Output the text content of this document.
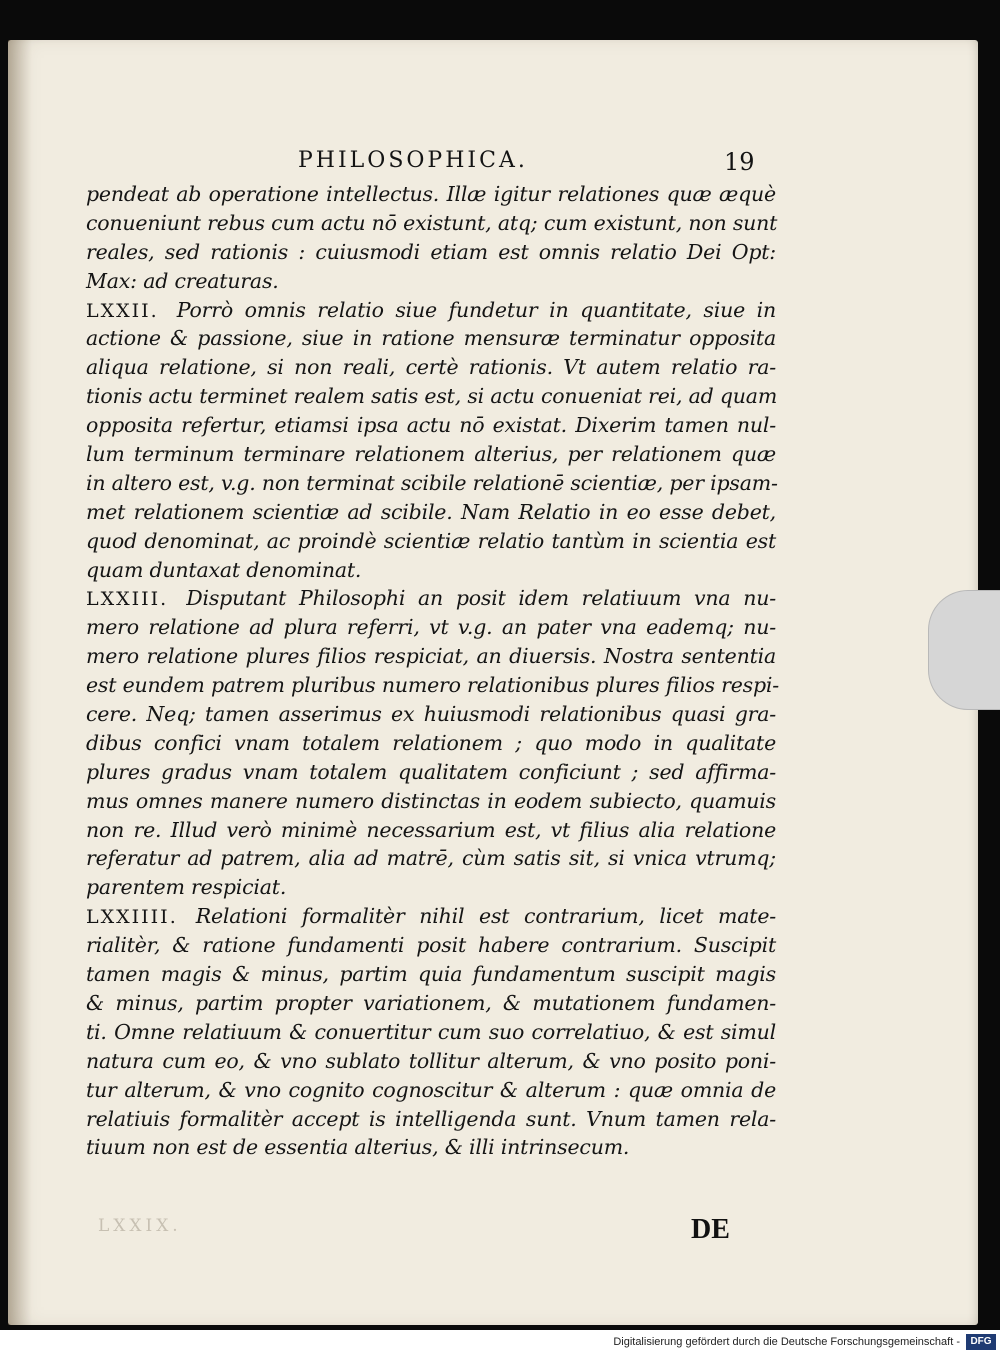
PHILOSOPHICA.	19
pendeat ab operatione intellectus. Illæ igitur relationes quæ æquè
conueniunt rebus cum actu nō existunt, atq; cum existunt, non sunt
reales, sed rationis : cuiusmodi etiam est omnis relatio Dei Opt:
Max: ad creaturas.
LXXII. Porrò omnis relatio siue fundetur in quantitate, siue in
actione & passione, siue in ratione mensuræ terminatur opposita
aliqua relatione, si non reali, certè rationis. Vt autem relatio ra-
tionis actu terminet realem satis est, si actu conueniat rei, ad quam
opposita refertur, etiamsi ipsa actu nō existat. Dixerim tamen nul-
lum terminum terminare relationem alterius, per relationem quæ
in altero est, v.g. non terminat scibile relationē scientiæ, per ipsam-
met relationem scientiæ ad scibile. Nam Relatio in eo esse debet,
quod denominat, ac proindè scientiæ relatio tantùm in scientia est
quam duntaxat denominat.
LXXIII. Disputant Philosophi an posit idem relatiuum vna nu-
mero relatione ad plura referri, vt v.g. an pater vna eademq; nu-
mero relatione plures filios respiciat, an diuersis. Nostra sententia
est eundem patrem pluribus numero relationibus plures filios respi-
cere. Neq; tamen asserimus ex huiusmodi relationibus quasi gra-
dibus confici vnam totalem relationem ; quo modo in qualitate
plures gradus vnam totalem qualitatem conficiunt ; sed affirma-
mus omnes manere numero distinctas in eodem subiecto, quamuis
non re. Illud verò minimè necessarium est, vt filius alia relatione
referatur ad patrem, alia ad matrē, cùm satis sit, si vnica vtrumq;
parentem respiciat.
LXXIIII. Relationi formalitèr nihil est contrarium, licet mate-
rialitèr, & ratione fundamenti posit habere contrarium. Suscipit
tamen magis & minus, partim quia fundamentum suscipit magis
& minus, partim propter variationem, & mutationem fundamen-
ti. Omne relatiuum & conuertitur cum suo correlatiuo, & est simul
natura cum eo, & vno sublato tollitur alterum, & vno posito poni-
tur alterum, & vno cognito cognoscitur & alterum : quæ omnia de
relatiuis formalitèr accept is intelligenda sunt. Vnum tamen rela-
tiuum non est de essentia alterius, & illi intrinsecum.
LXXIX.	DE
Digitalisierung gefördert durch die Deutsche Forschungsgemeinschaft -	DFG
